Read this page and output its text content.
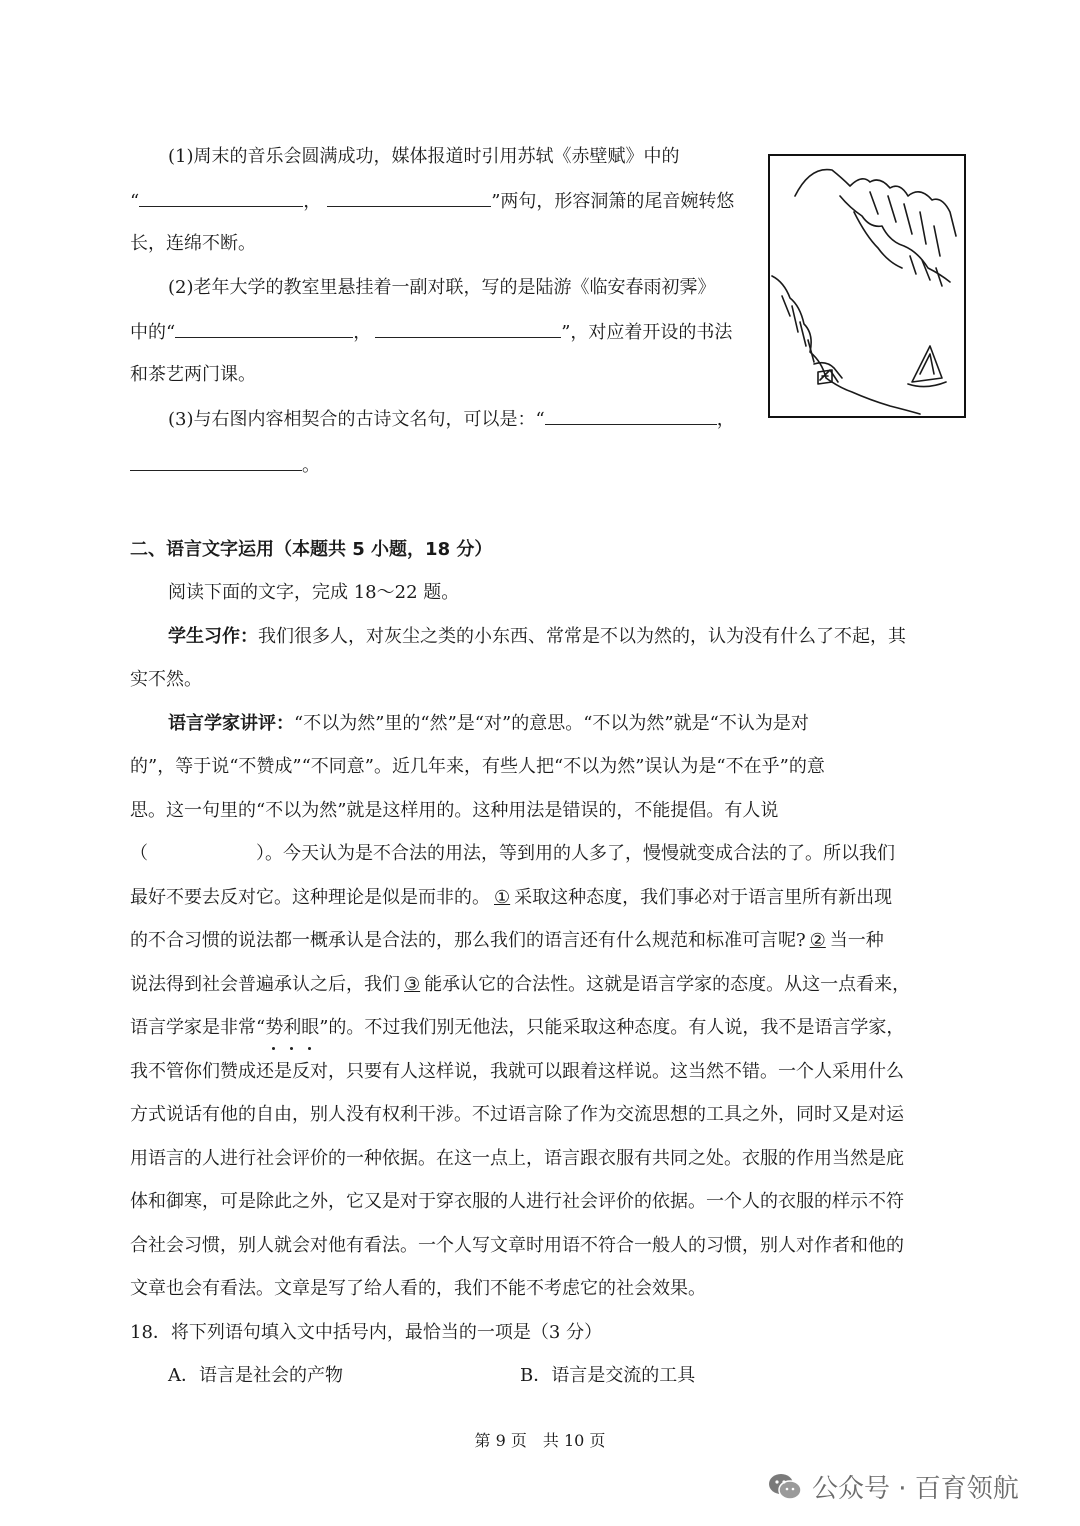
(1)周末的音乐会圆满成功，媒体报道时引用苏轼《赤壁赋》中的
“	，	”两句，形容洞箫的尾音婉转悠
长，连绵不断。
(2)老年大学的教室里悬挂着一副对联，写的是陆游《临安春雨初霁》
中的“	，	”，对应着开设的书法
和茶艺两门课。
(3)与右图内容相契合的古诗文名句，可以是：“	，
。
二、语言文字运用（本题共 5 小题，18 分）
阅读下面的文字，完成 18～22 题。
学生习作：我们很多人，对灰尘之类的小东西、常常是不以为然的，认为没有什么了不起，其
实不然。
语言学家讲评：“不以为然”里的“然”是“对”的意思。“不以为然”就是“不认为是对
的”，等于说“不赞成”“不同意”。近几年来，有些人把“不以为然”误认为是“不在乎”的意
思。这一句里的“不以为然”就是这样用的。这种用法是错误的，不能提倡。有人说
（	）。今天认为是不合法的用法，等到用的人多了，慢慢就变成合法的了。所以我们
最好不要去反对它。这种理论是似是而非的。 ① 采取这种态度，我们事必对于语言里所有新出现
的不合习惯的说法都一概承认是合法的，那么我们的语言还有什么规范和标准可言呢? ② 当一种
说法得到社会普遍承认之后，我们 ③ 能承认它的合法性。这就是语言学家的态度。从这一点看来，
语言学家是非常“势利眼
”的。不过我们别无他法，只能采取这种态度。有人说，我不是语言学家，
我不管你们赞成还是反对，只要有人这样说，我就可以跟着这样说。这当然不错。一个人采用什么
方式说话有他的自由，别人没有权利干涉。不过语言除了作为交流思想的工具之外，同时又是对运
用语言的人进行社会评价的一种依据。在这一点上，语言跟衣服有共同之处。衣服的作用当然是庇
体和御寒，可是除此之外，它又是对于穿衣服的人进行社会评价的依据。一个人的衣服的样示不符
合社会习惯，别人就会对他有看法。一个人写文章时用语不符合一般人的习惯，别人对作者和他的
文章也会有看法。文章是写了给人看的，我们不能不考虑它的社会效果。
18．将下列语句填入文中括号内，最恰当的一项是（3 分）
A．语言是社会的产物	B．语言是交流的工具
第 9 页　共 10 页
公众号 · 百育领航
